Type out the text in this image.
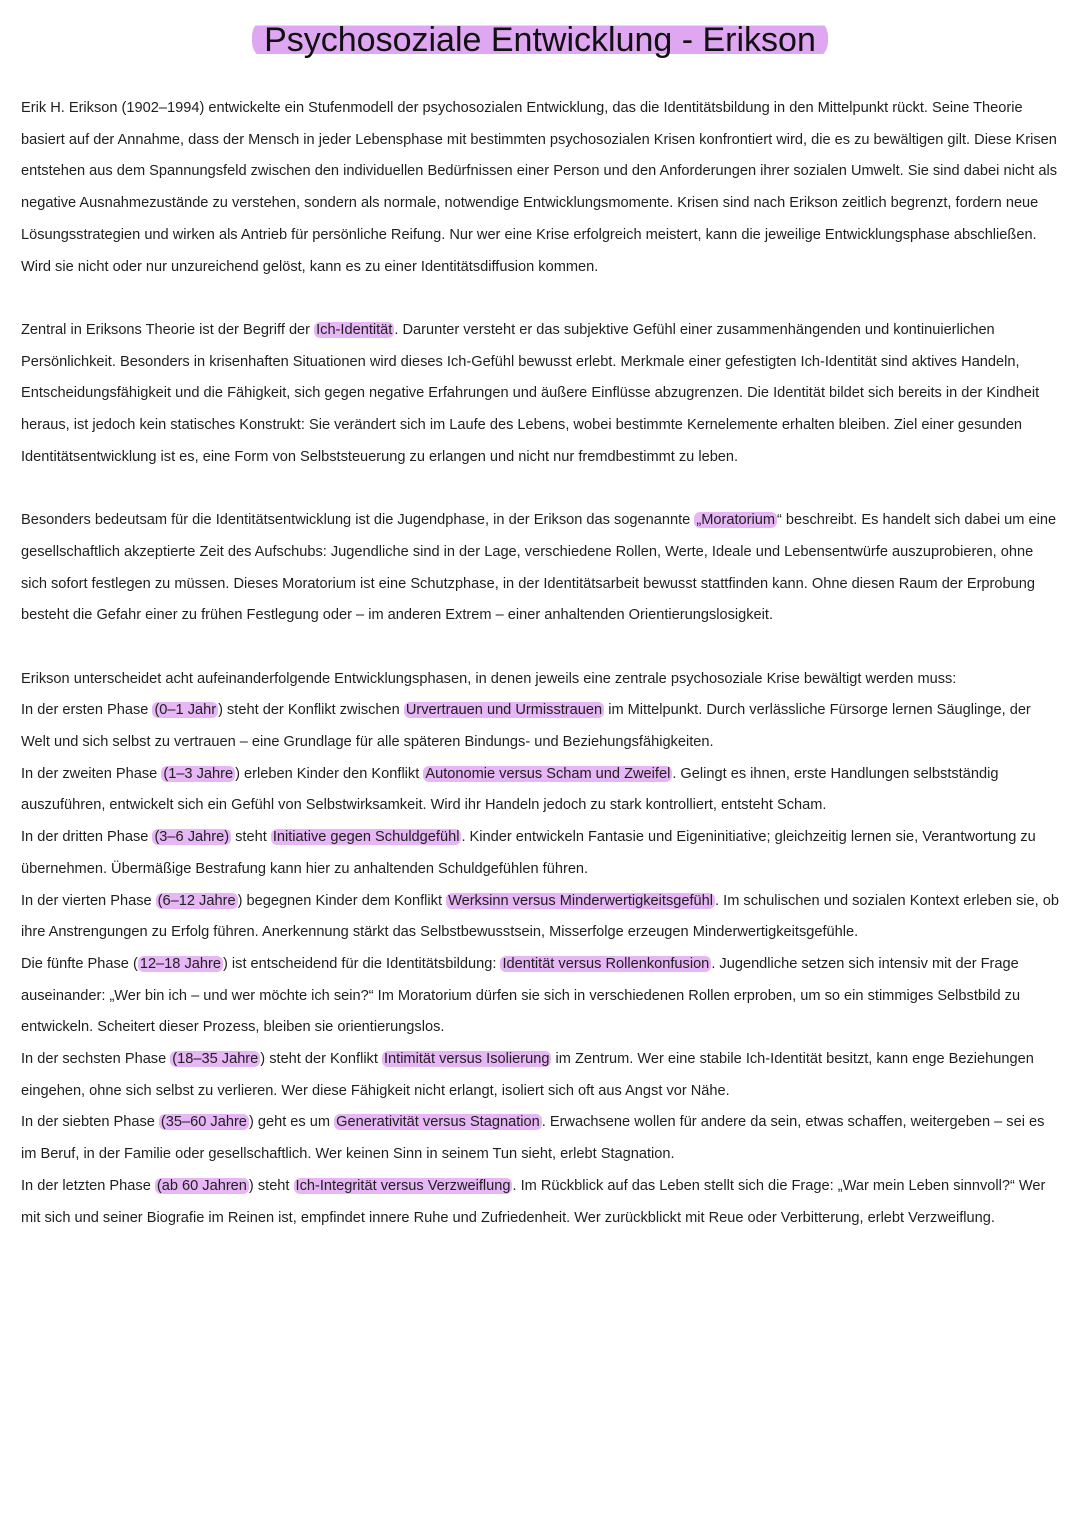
Psychosoziale Entwicklung - Erikson

Erik H. Erikson (1902–1994) entwickelte ein Stufenmodell der psychosozialen Entwicklung, das die Identitätsbildung in den Mittelpunkt rückt. Seine Theorie basiert auf der Annahme, dass der Mensch in jeder Lebensphase mit bestimmten psychosozialen Krisen konfrontiert wird, die es zu bewältigen gilt. Diese Krisen entstehen aus dem Spannungsfeld zwischen den individuellen Bedürfnissen einer Person und den Anforderungen ihrer sozialen Umwelt. Sie sind dabei nicht als negative Ausnahmezustände zu verstehen, sondern als normale, notwendige Entwicklungsmomente. Krisen sind nach Erikson zeitlich begrenzt, fordern neue Lösungsstrategien und wirken als Antrieb für persönliche Reifung. Nur wer eine Krise erfolgreich meistert, kann die jeweilige Entwicklungsphase abschließen. Wird sie nicht oder nur unzureichend gelöst, kann es zu einer Identitätsdiffusion kommen.

Zentral in Eriksons Theorie ist der Begriff der Ich-Identität . Darunter versteht er das subjektive Gefühl einer zusammenhängenden und kontinuierlichen Persönlichkeit. Besonders in krisenhaften Situationen wird dieses Ich-Gefühl bewusst erlebt. Merkmale einer gefestigten Ich-Identität sind aktives Handeln, Entscheidungsfähigkeit und die Fähigkeit, sich gegen negative Erfahrungen und äußere Einflüsse abzugrenzen. Die Identität bildet sich bereits in der Kindheit heraus, ist jedoch kein statisches Konstrukt: Sie verändert sich im Laufe des Lebens, wobei bestimmte Kernelemente erhalten bleiben. Ziel einer gesunden Identitätsentwicklung ist es, eine Form von Selbststeuerung zu erlangen und nicht nur fremdbestimmt zu leben.

Besonders bedeutsam für die Identitätsentwicklung ist die Jugendphase, in der Erikson das sogenannte „Moratorium “ beschreibt. Es handelt sich dabei um eine gesellschaftlich akzeptierte Zeit des Aufschubs: Jugendliche sind in der Lage, verschiedene Rollen, Werte, Ideale und Lebensentwürfe auszuprobieren, ohne sich sofort festlegen zu müssen. Dieses Moratorium ist eine Schutzphase, in der Identitätsarbeit bewusst stattfinden kann. Ohne diesen Raum der Erprobung besteht die Gefahr einer zu frühen Festlegung oder – im anderen Extrem – einer anhaltenden Orientierungslosigkeit.

Erikson unterscheidet acht aufeinanderfolgende Entwicklungsphasen, in denen jeweils eine zentrale psychosoziale Krise bewältigt werden muss:

In der ersten Phase (0–1 Jahr ) steht der Konflikt zwischen Urvertrauen und Urmisstrauen im Mittelpunkt. Durch verlässliche Fürsorge lernen Säuglinge, der Welt und sich selbst zu vertrauen – eine Grundlage für alle späteren Bindungs- und Beziehungsfähigkeiten.

In der zweiten Phase (1–3 Jahre ) erleben Kinder den Konflikt Autonomie versus Scham und Zweifel . Gelingt es ihnen, erste Handlungen selbstständig auszuführen, entwickelt sich ein Gefühl von Selbstwirksamkeit. Wird ihr Handeln jedoch zu stark kontrolliert, entsteht Scham.

In der dritten Phase (3–6 Jahre) steht Initiative gegen Schuldgefühl . Kinder entwickeln Fantasie und Eigeninitiative; gleichzeitig lernen sie, Verantwortung zu übernehmen. Übermäßige Bestrafung kann hier zu anhaltenden Schuldgefühlen führen.

In der vierten Phase (6–12 Jahre ) begegnen Kinder dem Konflikt Werksinn versus Minderwertigkeitsgefühl . Im schulischen und sozialen Kontext erleben sie, ob ihre Anstrengungen zu Erfolg führen. Anerkennung stärkt das Selbstbewusstsein, Misserfolge erzeugen Minderwertigkeitsgefühle.

Die fünfte Phase ( 12–18 Jahre ) ist entscheidend für die Identitätsbildung: Identität versus Rollenkonfusion . Jugendliche setzen sich intensiv mit der Frage auseinander: „Wer bin ich – und wer möchte ich sein?“ Im Moratorium dürfen sie sich in verschiedenen Rollen erproben, um so ein stimmiges Selbstbild zu entwickeln. Scheitert dieser Prozess, bleiben sie orientierungslos.

In der sechsten Phase (18–35 Jahre ) steht der Konflikt Intimität versus Isolierung im Zentrum. Wer eine stabile Ich-Identität besitzt, kann enge Beziehungen eingehen, ohne sich selbst zu verlieren. Wer diese Fähigkeit nicht erlangt, isoliert sich oft aus Angst vor Nähe.

In der siebten Phase (35–60 Jahre ) geht es um Generativität versus Stagnation . Erwachsene wollen für andere da sein, etwas schaffen, weitergeben – sei es im Beruf, in der Familie oder gesellschaftlich. Wer keinen Sinn in seinem Tun sieht, erlebt Stagnation.

In der letzten Phase (ab 60 Jahren ) steht Ich-Integrität versus Verzweiflung . Im Rückblick auf das Leben stellt sich die Frage: „War mein Leben sinnvoll?“ Wer mit sich und seiner Biografie im Reinen ist, empfindet innere Ruhe und Zufriedenheit. Wer zurückblickt mit Reue oder Verbitterung, erlebt Verzweiflung.
